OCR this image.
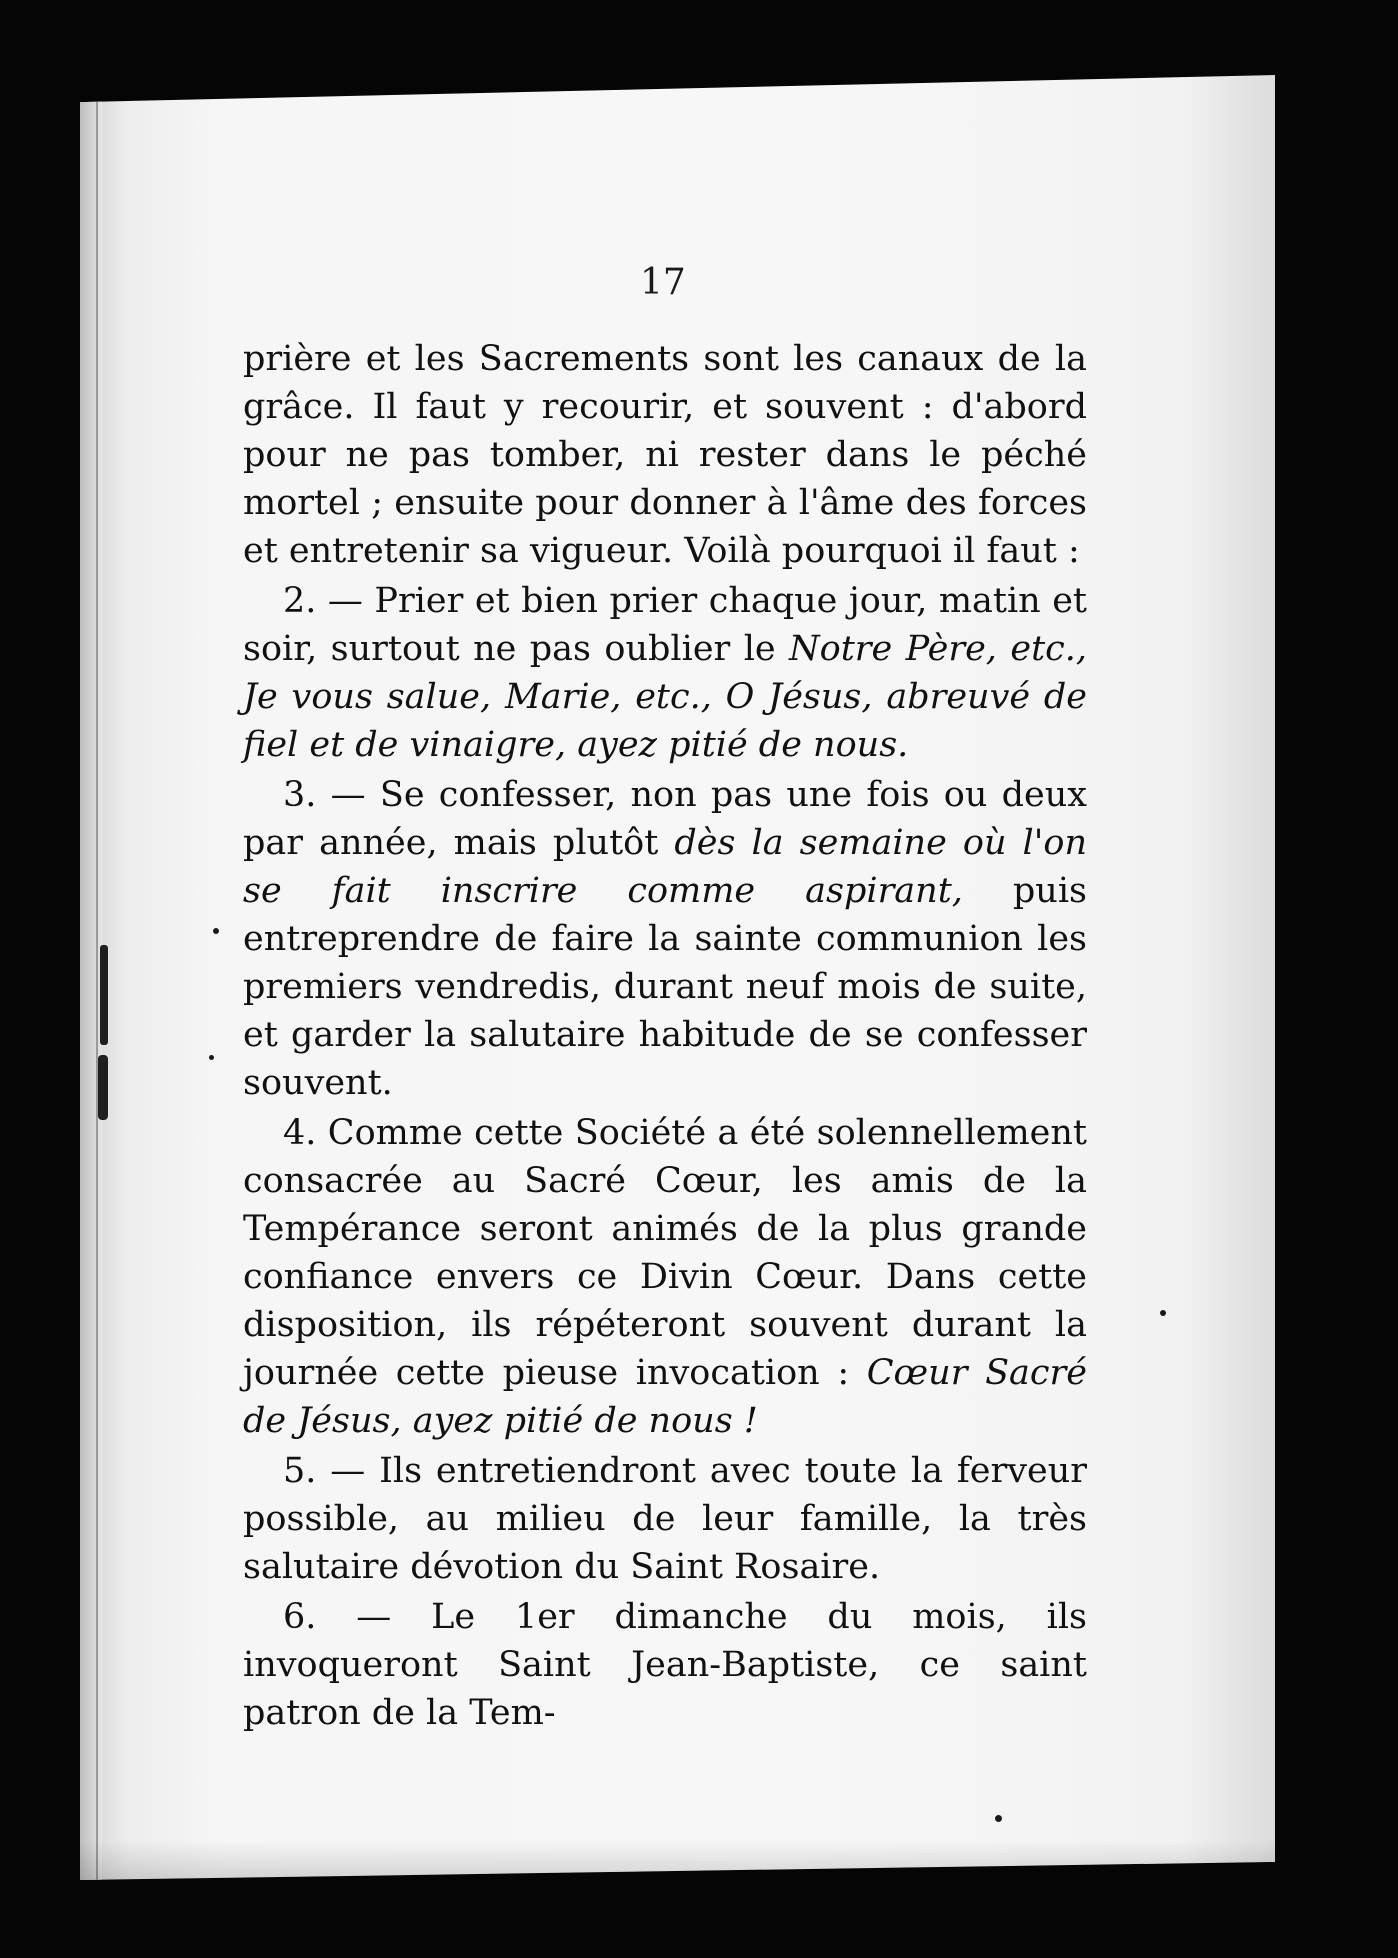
17

prière et les Sacrements sont les canaux de la grâce. Il faut y recourir, et souvent : d'abord pour ne pas tomber, ni rester dans le péché mortel ; ensuite pour donner à l'âme des forces et entretenir sa vigueur. Voilà pourquoi il faut :

2. — Prier et bien prier chaque jour, matin et soir, surtout ne pas oublier le Notre Père, etc., Je vous salue, Marie, etc., O Jésus, abreuvé de fiel et de vinaigre, ayez pitié de nous.

3. — Se confesser, non pas une fois ou deux par année, mais plutôt dès la semaine où l'on se fait inscrire comme aspirant, puis entreprendre de faire la sainte communion les premiers vendredis, durant neuf mois de suite, et garder la salutaire habitude de se confesser souvent.

4. Comme cette Société a été solennellement consacrée au Sacré Cœur, les amis de la Tempérance seront animés de la plus grande confiance envers ce Divin Cœur. Dans cette disposition, ils répéteront souvent durant la journée cette pieuse invocation : Cœur Sacré de Jésus, ayez pitié de nous !

5. — Ils entretiendront avec toute la ferveur possible, au milieu de leur famille, la très salutaire dévotion du Saint Rosaire.

6. — Le 1er dimanche du mois, ils invoqueront Saint Jean-Baptiste, ce saint patron de la Tem-
